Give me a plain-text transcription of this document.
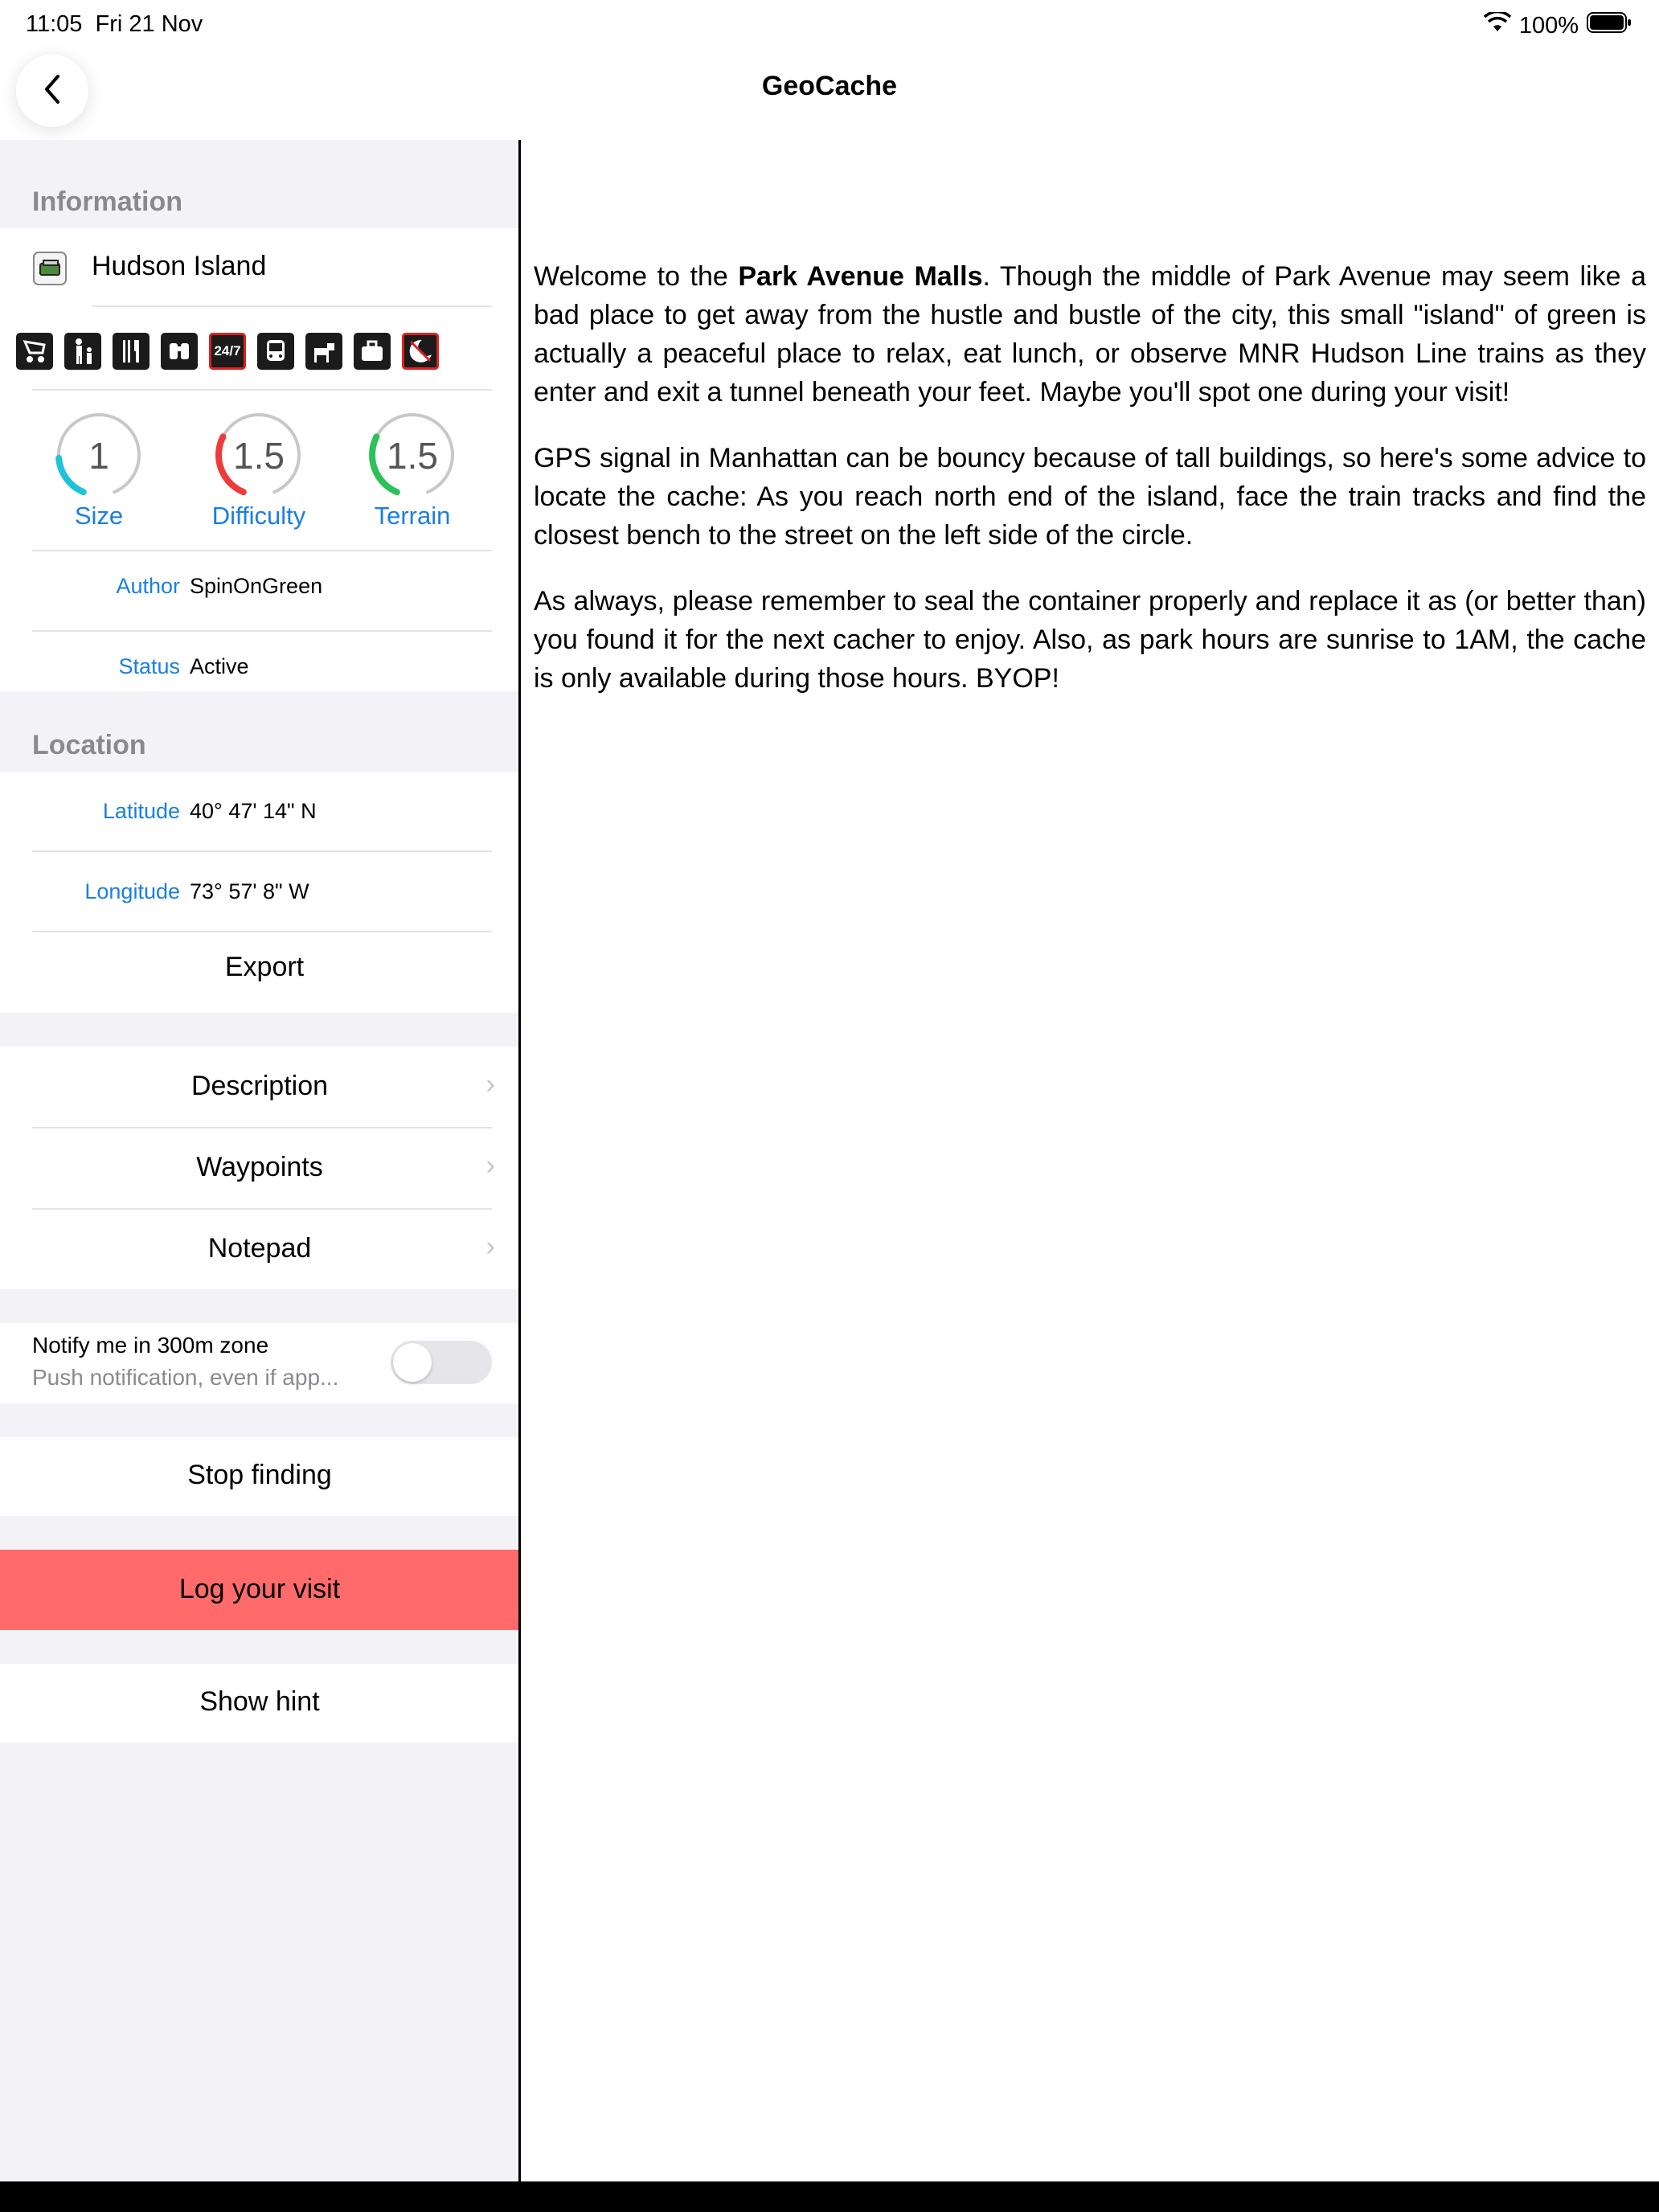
11:05 Fri 21 Nov	100%
GeoCache
Information
Hudson Island
24/7
1
Size
1.5
Difficulty
1.5
Terrain
Author SpinOnGreen
Status Active
Location
Latitude 40° 47' 14" N
Longitude 73° 57' 8" W
Export
Description	›
Waypoints	›
Notepad	›
Notify me in 300m zone
Push notification, even if app...
Stop finding
Log your visit
Show hint

Welcome to the Park Avenue Malls. Though the middle of Park Avenue may seem like a bad place to get away from the hustle and bustle of the city, this small "island" of green is actually a peaceful place to relax, eat lunch, or observe MNR Hudson Line trains as they enter and exit a tunnel beneath your feet. Maybe you'll spot one during your visit!

GPS signal in Manhattan can be bouncy because of tall buildings, so here's some advice to locate the cache: As you reach north end of the island, face the train tracks and find the closest bench to the street on the left side of the circle.

As always, please remember to seal the container properly and replace it as (or better than) you found it for the next cacher to enjoy. Also, as park hours are sunrise to 1AM, the cache is only available during those hours. BYOP!
